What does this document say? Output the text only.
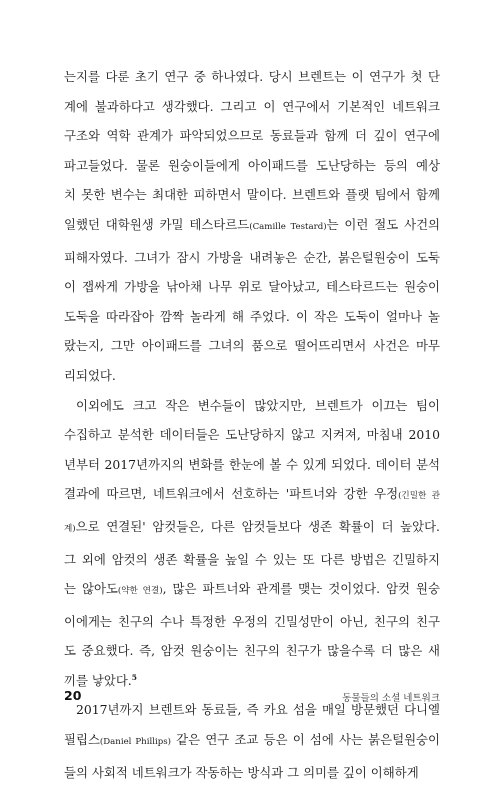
는지를 다룬 초기 연구 중 하나였다. 당시 브렌트는 이 연구가 첫 단
계에 불과하다고 생각했다. 그리고 이 연구에서 기본적인 네트워크
구조와 역학 관계가 파악되었으므로 동료들과 함께 더 깊이 연구에
파고들었다. 물론 원숭이들에게 아이패드를 도난당하는 등의 예상
치 못한 변수는 최대한 피하면서 말이다. 브렌트와 플랫 팀에서 함께
일했던 대학원생 카밀 테스타르드(Camille Testard)는 이런 절도 사건의
피해자였다. 그녀가 잠시 가방을 내려놓은 순간, 붉은털원숭이 도둑
이 잽싸게 가방을 낚아채 나무 위로 달아났고, 테스타르드는 원숭이
도둑을 따라잡아 깜짝 놀라게 해 주었다. 이 작은 도둑이 얼마나 놀
랐는지, 그만 아이패드를 그녀의 품으로 떨어뜨리면서 사건은 마무
리되었다.
이외에도 크고 작은 변수들이 많았지만, 브렌트가 이끄는 팀이
수집하고 분석한 데이터들은 도난당하지 않고 지켜져, 마침내 2010
년부터 2017년까지의 변화를 한눈에 볼 수 있게 되었다. 데이터 분석
결과에 따르면, 네트워크에서 선호하는 '파트너와 강한 우정(긴밀한 관
계)으로 연결된' 암컷들은, 다른 암컷들보다 생존 확률이 더 높았다.
그 외에 암컷의 생존 확률을 높일 수 있는 또 다른 방법은 긴밀하지
는 않아도(약한 연결), 많은 파트너와 관계를 맺는 것이었다. 암컷 원숭
이에게는 친구의 수나 특정한 우정의 긴밀성만이 아닌, 친구의 친구
도 중요했다. 즉, 암컷 원숭이는 친구의 친구가 많을수록 더 많은 새
끼를 낳았다.$^5$
2017년까지 브렌트와 동료들, 즉 카요 섬을 매일 방문했던 다니엘
필립스(Daniel Phillips) 같은 연구 조교 등은 이 섬에 사는 붉은털원숭이
들의 사회적 네트워크가 작동하는 방식과 그 의미를 깊이 이해하게
20	동물들의 소셜 네트워크
